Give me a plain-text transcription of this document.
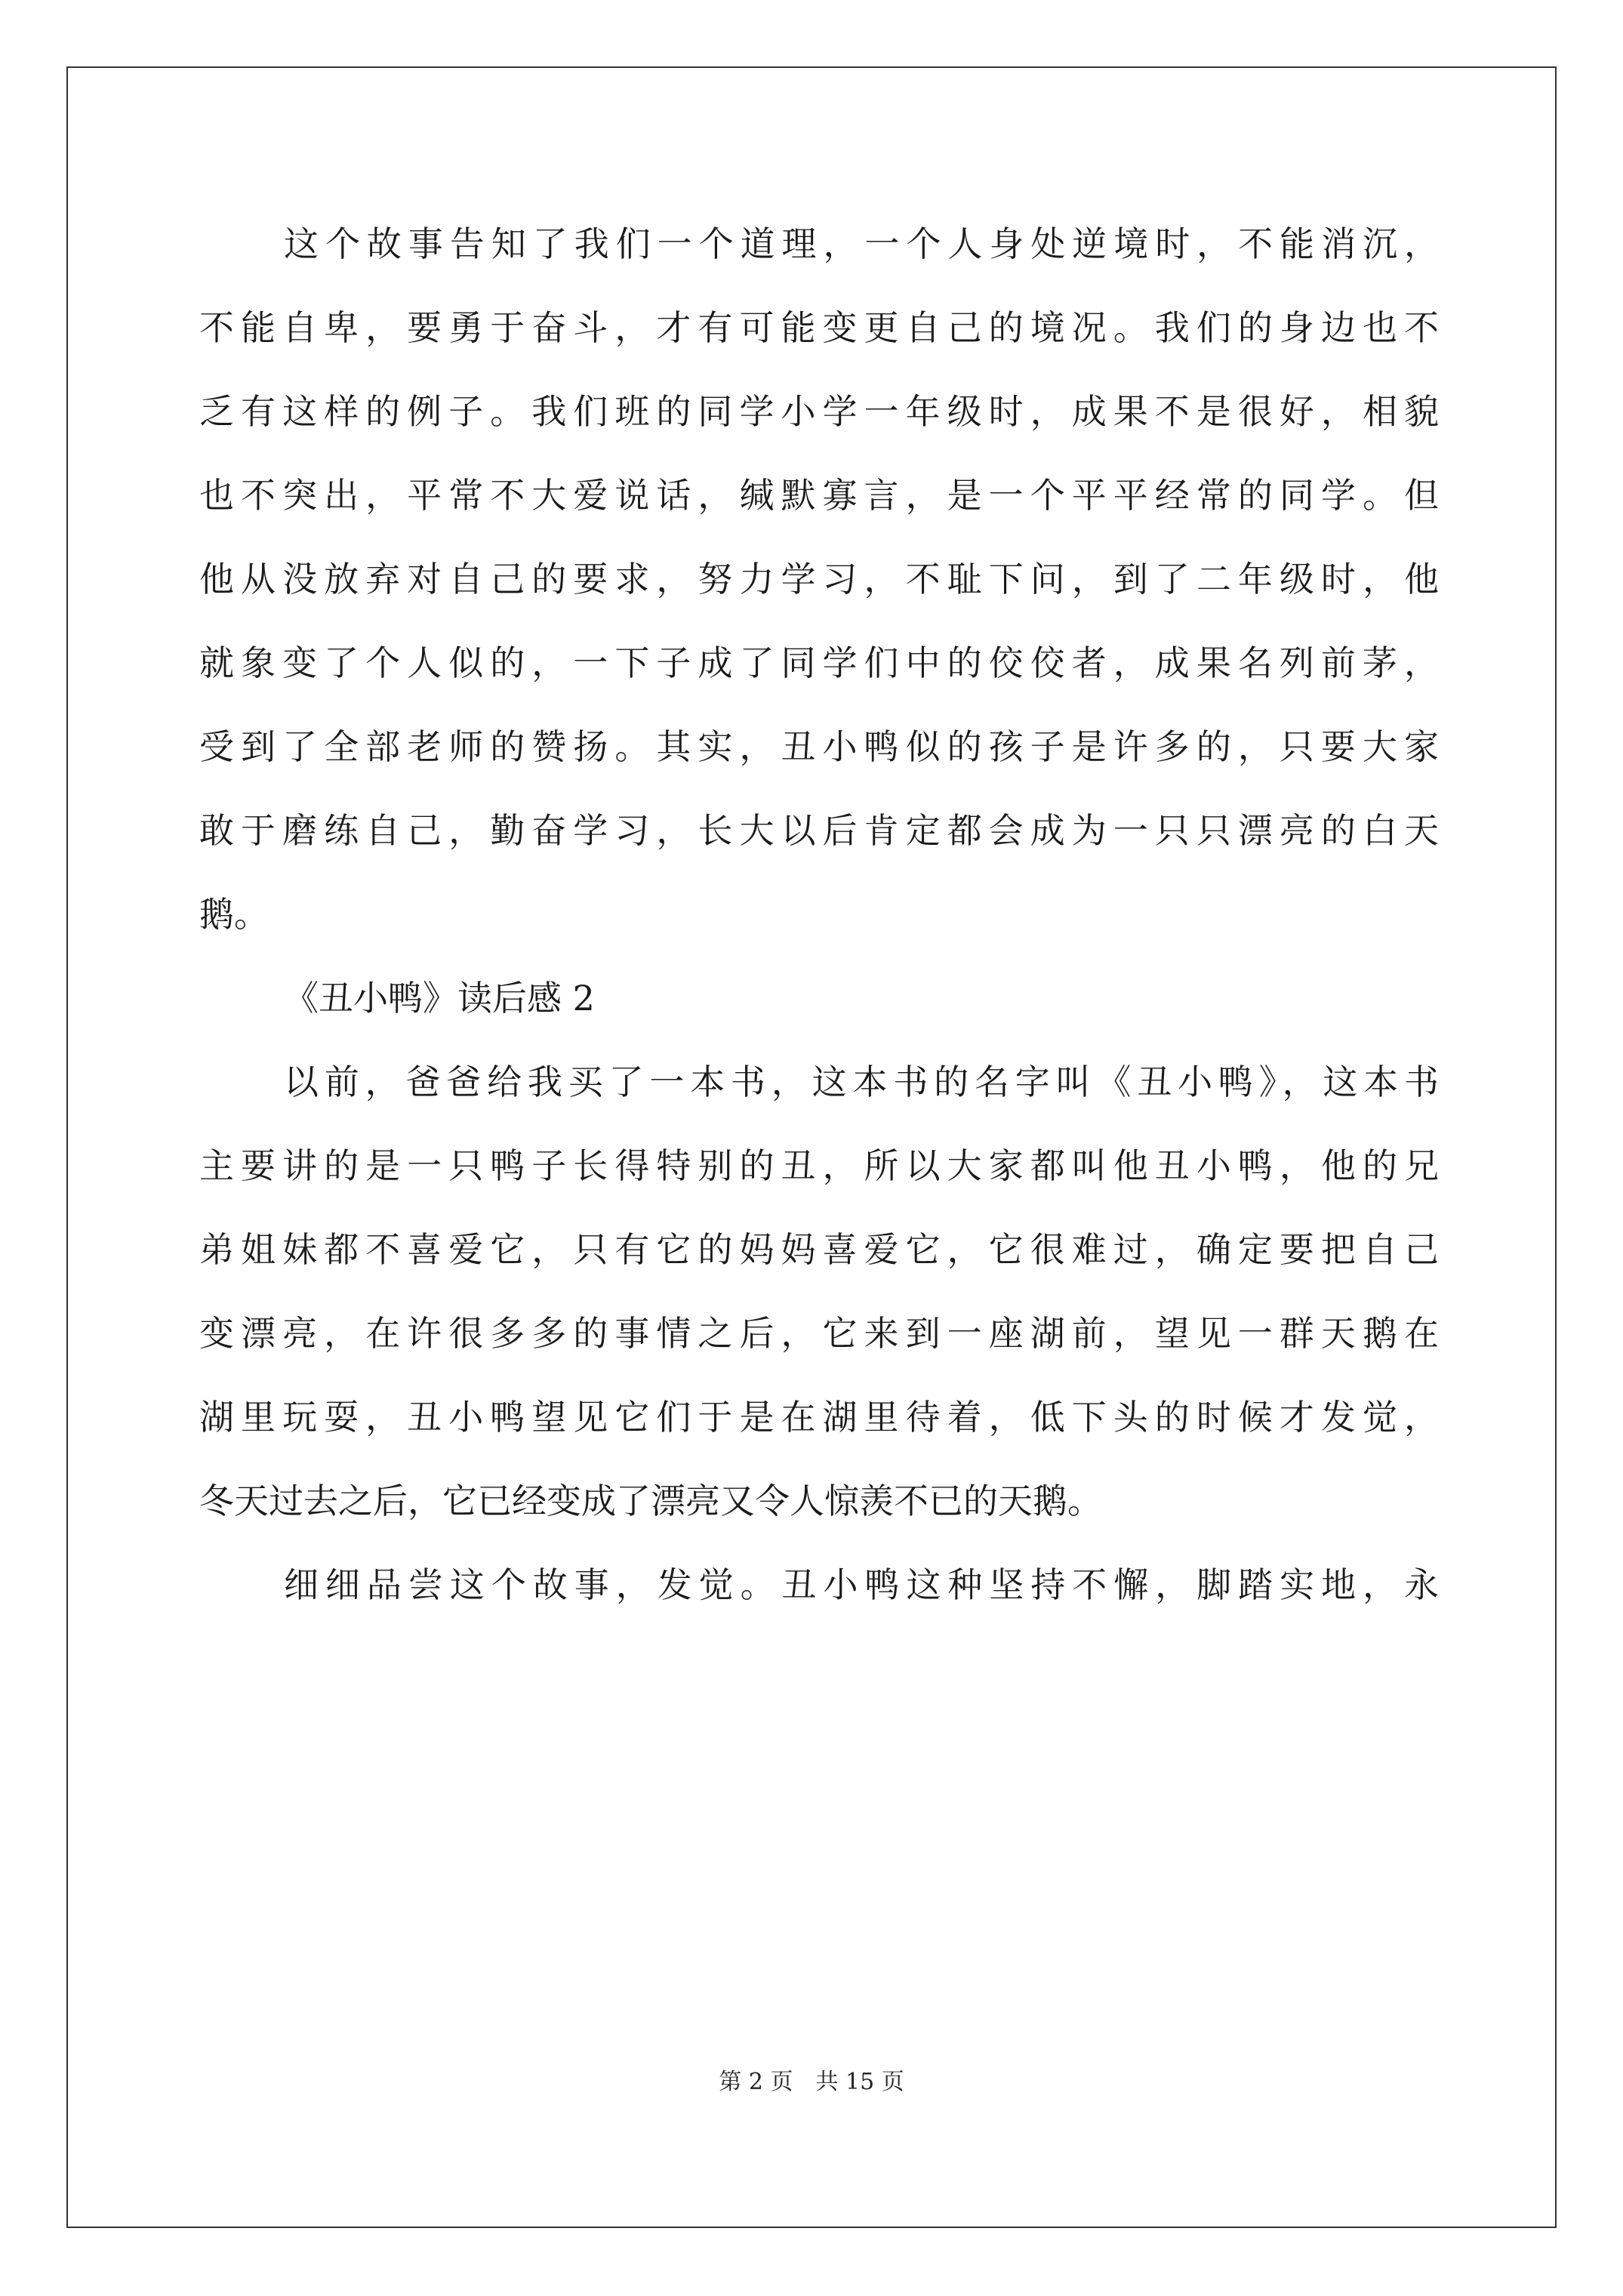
这个故事告知了我们一个道理，一个人身处逆境时，不能消沉，
不能自卑，要勇于奋斗，才有可能变更自己的境况。我们的身边也不
乏有这样的例子。我们班的同学小学一年级时，成果不是很好，相貌
也不突出，平常不大爱说话，缄默寡言，是一个平平经常的同学。但
他从没放弃对自己的要求，努力学习，不耻下问，到了二年级时，他
就象变了个人似的，一下子成了同学们中的佼佼者，成果名列前茅，
受到了全部老师的赞扬。其实，丑小鸭似的孩子是许多的，只要大家
敢于磨练自己，勤奋学习，长大以后肯定都会成为一只只漂亮的白天
鹅。
《丑小鸭》读后感 2
以前，爸爸给我买了一本书，这本书的名字叫《丑小鸭》，这本书
主要讲的是一只鸭子长得特别的丑，所以大家都叫他丑小鸭，他的兄
弟姐妹都不喜爱它，只有它的妈妈喜爱它，它很难过，确定要把自己
变漂亮，在许很多多的事情之后，它来到一座湖前，望见一群天鹅在
湖里玩耍，丑小鸭望见它们于是在湖里待着，低下头的时候才发觉，
冬天过去之后，它已经变成了漂亮又令人惊羡不已的天鹅。
细细品尝这个故事，发觉。丑小鸭这种坚持不懈，脚踏实地，永
第 2 页 共 15 页
